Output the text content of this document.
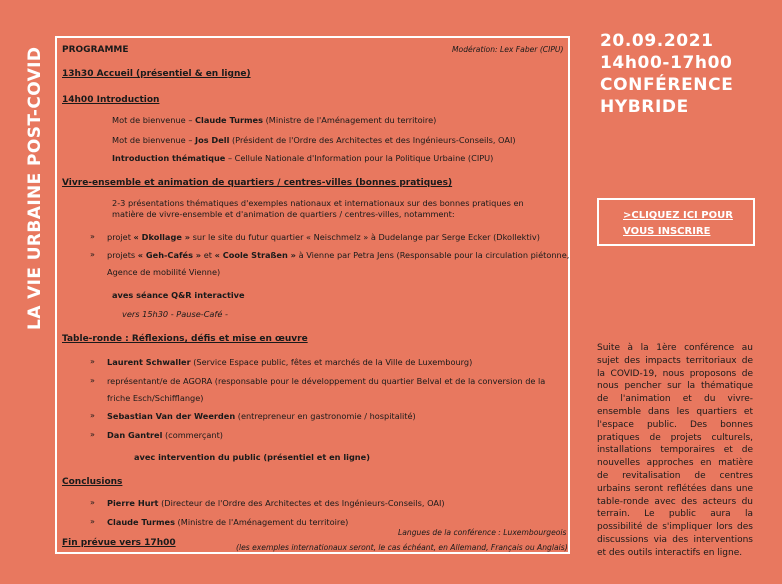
LA VIE URBAINE POST-COVID	PROGRAMME	Modération: Lex Faber (CIPU)
13h30 Accueil (présentiel & en ligne)
14h00 Introduction
Mot de bienvenue – Claude Turmes (Ministre de l'Aménagement du territoire)
Mot de bienvenue – Jos Dell (Président de l'Ordre des Architectes et des Ingénieurs-Conseils, OAI)
Introduction thématique – Cellule Nationale d'Information pour la Politique Urbaine (CIPU)
Vivre-ensemble et animation de quartiers / centres-villes (bonnes pratiques)
2-3 présentations thématiques d'exemples nationaux et internationaux sur des bonnes pratiques en
matière de vivre-ensemble et d'animation de quartiers / centres-villes, notamment:
» projet « Dkollage » sur le site du futur quartier « Neischmelz » à Dudelange par Serge Ecker (Dkollektiv)
» projets « Geh-Cafés » et « Coole Straßen » à Vienne par Petra Jens (Responsable pour la circulation piétonne,
Agence de mobilité Vienne)
aves séance Q&R interactive
vers 15h30 - Pause-Café -
Table-ronde : Réflexions, défis et mise en œuvre
» Laurent Schwaller (Service Espace public, fêtes et marchés de la Ville de Luxembourg)
» représentant/e de AGORA (responsable pour le développement du quartier Belval et de la conversion de la
friche Esch/Schifflange)
» Sebastian Van der Weerden (entrepreneur en gastronomie / hospitalité)
» Dan Gantrel (commerçant)
avec intervention du public (présentiel et en ligne)
Conclusions
» Pierre Hurt (Directeur de l'Ordre des Architectes et des Ingénieurs-Conseils, OAI)
» Claude Turmes (Ministre de l'Aménagement du territoire)
Langues de la conférence : Luxembourgeois
Fin prévue vers 17h00	(les exemples internationaux seront, le cas échéant, en Allemand, Français ou Anglais)
20.09.2021
14h00-17h00
CONFÉRENCE
HYBRIDE
>CLIQUEZ ICI POUR
VOUS INSCRIRE
Suite à la 1ère conférence au sujet des impacts territoriaux de la COVID-19, nous proposons de nous pencher sur la thématique de l'animation et du vivre-ensemble dans les quartiers et l'espace public. Des bonnes pratiques de projets culturels, installations temporaires et de nouvelles approches en matière de revitalisation de centres urbains seront reflétées dans une table-ronde avec des acteurs du terrain. Le public aura la possibilité de s'impliquer lors des discussions via des interventions et des outils interactifs en ligne.
